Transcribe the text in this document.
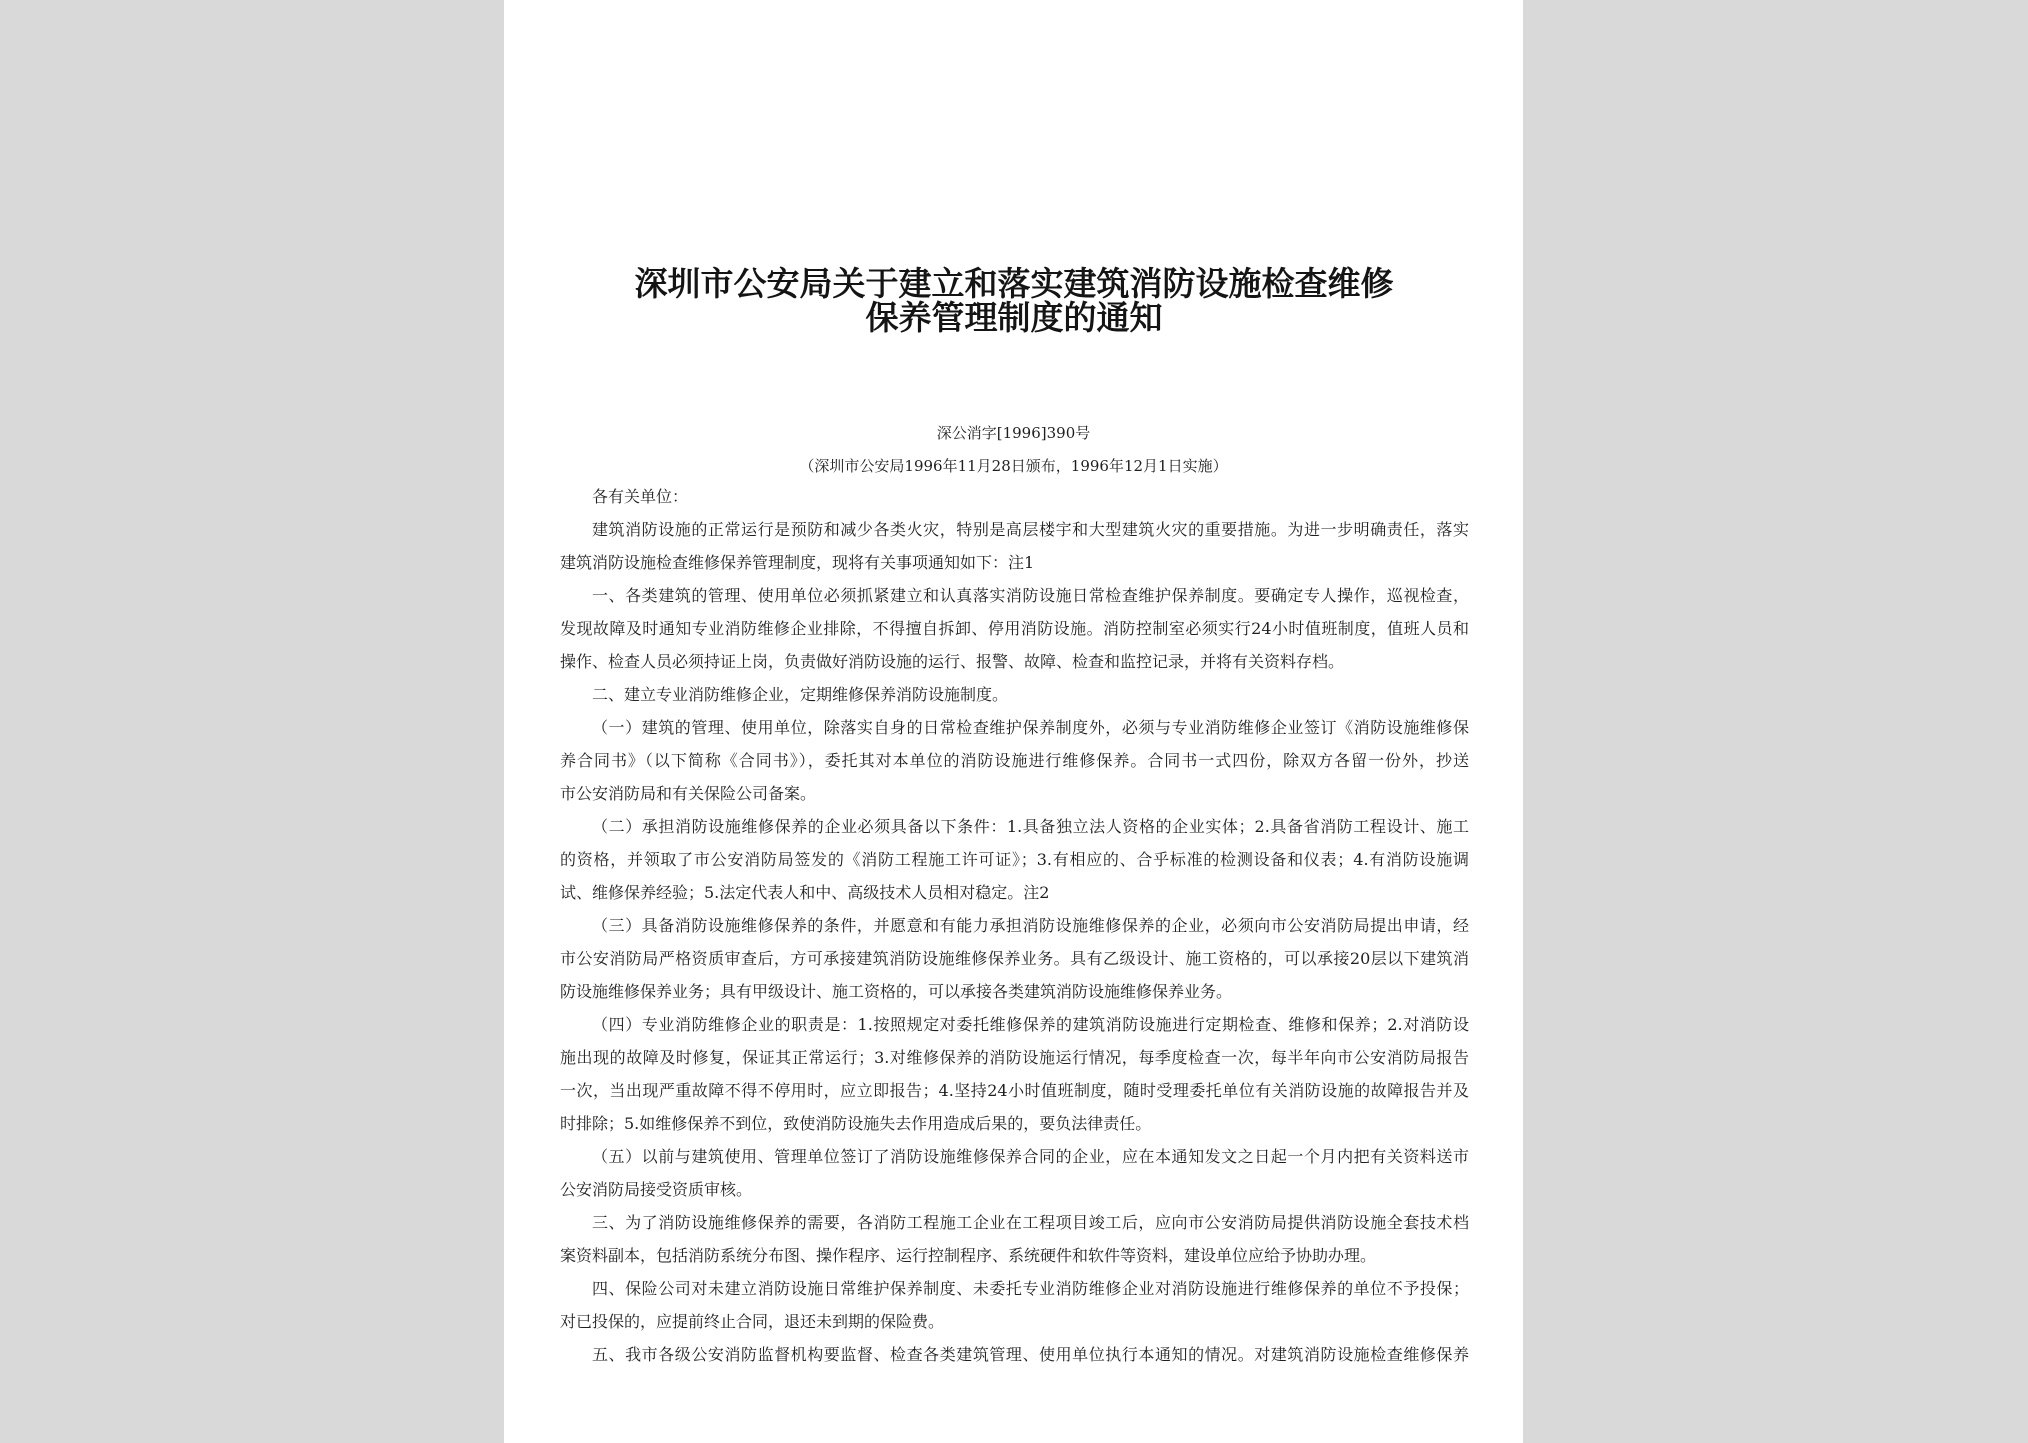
深圳市公安局关于建立和落实建筑消防设施检查维修
保养管理制度的通知
深公消字[1996]390号
（深圳市公安局1996年11月28日颁布，1996年12月1日实施）
各有关单位：
建筑消防设施的正常运行是预防和减少各类火灾，特别是高层楼宇和大型建筑火灾的重要措施。为进一步明确责任，落实
建筑消防设施检查维修保养管理制度，现将有关事项通知如下：注1
一、各类建筑的管理、使用单位必须抓紧建立和认真落实消防设施日常检查维护保养制度。要确定专人操作，巡视检查，
发现故障及时通知专业消防维修企业排除，不得擅自拆卸、停用消防设施。消防控制室必须实行24小时值班制度，值班人员和
操作、检查人员必须持证上岗，负责做好消防设施的运行、报警、故障、检查和监控记录，并将有关资料存档。
二、建立专业消防维修企业，定期维修保养消防设施制度。
（一）建筑的管理、使用单位，除落实自身的日常检查维护保养制度外，必须与专业消防维修企业签订《消防设施维修保
养合同书》（以下简称《合同书》），委托其对本单位的消防设施进行维修保养。合同书一式四份，除双方各留一份外，抄送
市公安消防局和有关保险公司备案。
（二）承担消防设施维修保养的企业必须具备以下条件：1.具备独立法人资格的企业实体；2.具备省消防工程设计、施工
的资格，并领取了市公安消防局签发的《消防工程施工许可证》；3.有相应的、合乎标准的检测设备和仪表；4.有消防设施调
试、维修保养经验；5.法定代表人和中、高级技术人员相对稳定。注2
（三）具备消防设施维修保养的条件，并愿意和有能力承担消防设施维修保养的企业，必须向市公安消防局提出申请，经
市公安消防局严格资质审查后，方可承接建筑消防设施维修保养业务。具有乙级设计、施工资格的，可以承接20层以下建筑消
防设施维修保养业务；具有甲级设计、施工资格的，可以承接各类建筑消防设施维修保养业务。
（四）专业消防维修企业的职责是：1.按照规定对委托维修保养的建筑消防设施进行定期检查、维修和保养；2.对消防设
施出现的故障及时修复，保证其正常运行；3.对维修保养的消防设施运行情况，每季度检查一次，每半年向市公安消防局报告
一次，当出现严重故障不得不停用时，应立即报告；4.坚持24小时值班制度，随时受理委托单位有关消防设施的故障报告并及
时排除；5.如维修保养不到位，致使消防设施失去作用造成后果的，要负法律责任。
（五）以前与建筑使用、管理单位签订了消防设施维修保养合同的企业，应在本通知发文之日起一个月内把有关资料送市
公安消防局接受资质审核。
三、为了消防设施维修保养的需要，各消防工程施工企业在工程项目竣工后，应向市公安消防局提供消防设施全套技术档
案资料副本，包括消防系统分布图、操作程序、运行控制程序、系统硬件和软件等资料，建设单位应给予协助办理。
四、保险公司对未建立消防设施日常维护保养制度、未委托专业消防维修企业对消防设施进行维修保养的单位不予投保；
对已投保的，应提前终止合同，退还未到期的保险费。
五、我市各级公安消防监督机构要监督、检查各类建筑管理、使用单位执行本通知的情况。对建筑消防设施检查维修保养
